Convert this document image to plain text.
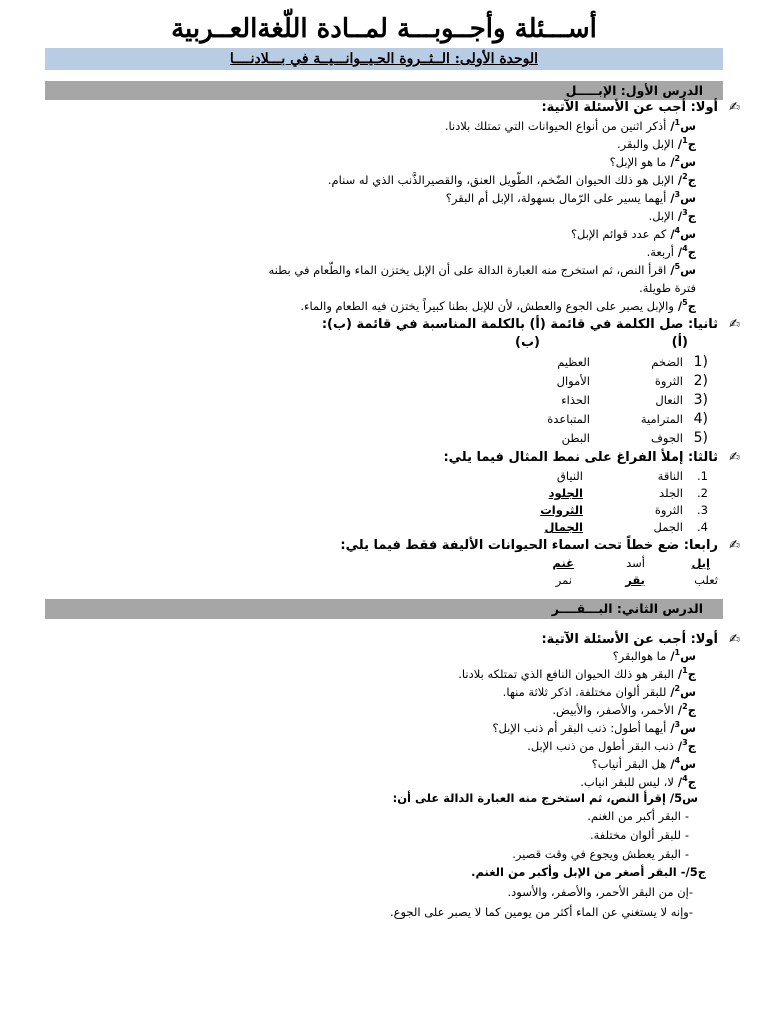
أســـئلة وأجــوبـــة لمــادة اللّغةالعــربية
الوحدة الأولى: الــثــروة الحـيــوانـــيــة في بـــلادنــــا
الدرس الأول: الإبـــــل
✍أولا: أجب عن الأسئلة الآتية:
س$^1$/ أذكر اثنين من أنواع الحيوانات التي تمتلك بلادنا.
ج$^1$/ الإبل والبقر.
س$^2$/ ما هو الإبل؟
ج$^2$/ الإبل هو ذلك الحيوان الضّخم، الطّويل العنق، والقصيرالذَّنب الذي له سنام.
س$^3$/ أيهما يسير على الرّمال بسهولة، الإبل أم البقر؟
ج$^3$/ الإبل.
س$^4$/ كم عدد قوائم الإبل؟
ج$^4$/ أربعة.
س$^5$/ اقرأ النص، ثم استخرج منه العبارة الدالة على أن الإبل يختزن الماء والطّعام في بطنه
فترة طويلة.
ج$^5$/ والإبل يصبر على الجوع والعطش، لأن للإبل بطنا كبيراً يختزن فيه الطعام والماء.
✍ثانيا: صل الكلمة في قائمة (أ) بالكلمة المناسبة في قائمة (ب):
(أ)
(ب)
1)
الضخم
العظيم
2)
الثروة
الأموال
3)
النعال
الحذاء
4)
المترامية
المتباعدة
5)
الجوف
البطن
✍ثالثا: إملأ الفراغ على نمط المثال فيما يلي:
.1
الناقة
النياق
.2
الجلد
الجلود
.3
الثروة
الثروات
.4
الجمل
الجمال
✍رابعا: ضع خطاً تحت اسماء الحيوانات الأليفة فقط فيما يلي:
إبل
أسد
غنم
ثعلب
بقر
نمر
الدرس الثاني: البـــقــــر
✍أولا: أجب عن الأسئلة الآتية:
س$^1$/ ما هوالبقر؟
ج$^1$/ البقر هو ذلك الحيوان النافع الذي تمتلكه بلادنا.
س$^2$/ للبقر ألوان مختلفة. اذكر ثلاثة منها.
ج$^2$/ الأحمر، والأصفر، والأبيض.
س$^3$/ أيهما أطول: ذنب البقر أم ذنب الإبل؟
ج$^3$/ ذنب البقر أطول من ذنب الإبل.
س$^4$/ هل البقر أنياب؟
ج$^4$/ لا، ليس للبقر انياب.
س5/ إقرأ النص، ثم استخرج منه العبارة الدالة على أن:
-البقر أكبر من الغنم.
-للبقر ألوان مختلفة.
-البقر يعطش ويجوع في وقت قصير.
ج5/- البقر أصغر من الإبل وأكبر من الغنم.
-إن من البقر الأحمر، والأصفر، والأسود.
-وإنه لا يستغني عن الماء أكثر من يومين كما لا يصبر على الجوع.
